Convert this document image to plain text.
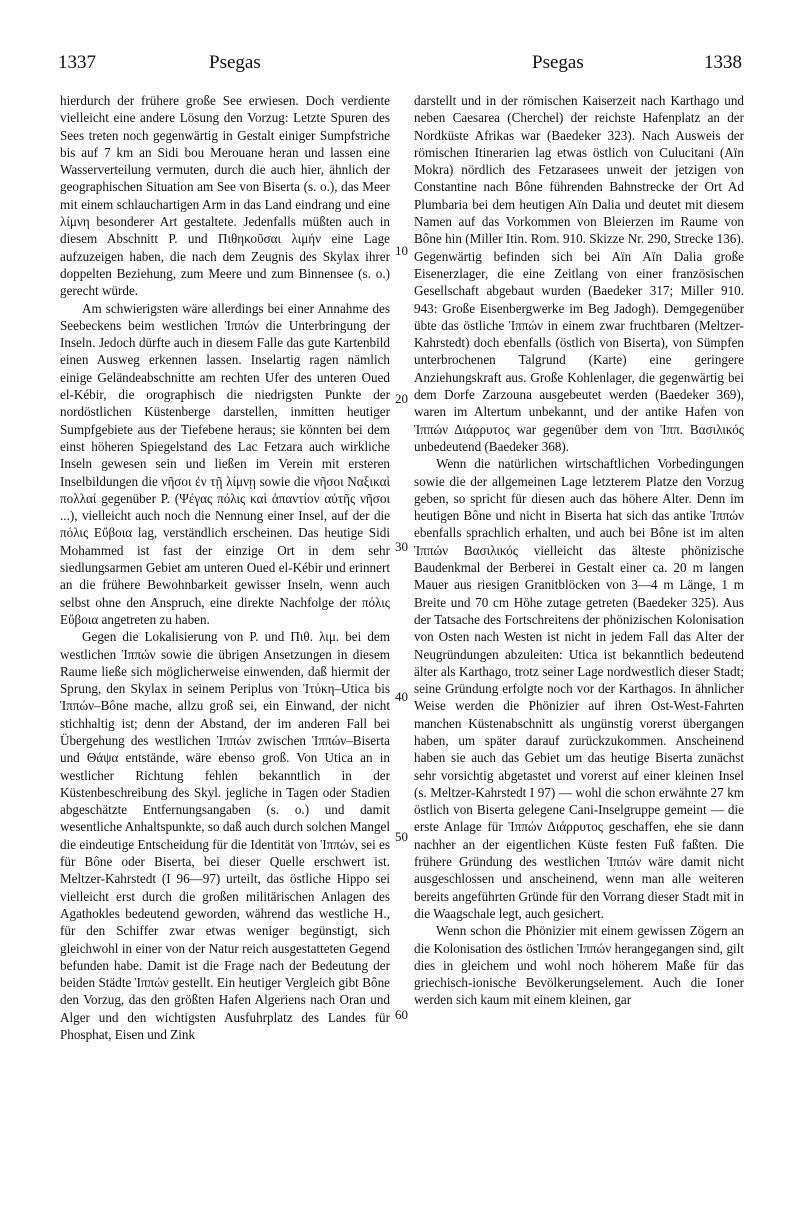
1337	Psegas	Psegas	1338

hierdurch der frühere große See erwiesen. Doch verdiente vielleicht eine andere Lösung den Vorzug: Letzte Spuren des Sees treten noch gegenwärtig in Gestalt einiger Sumpfstriche bis auf 7 km an Sidi bou Merouane heran und lassen eine Wasserverteilung vermuten, durch die auch hier, ähnlich der geographischen Situation am See von Biserta (s. o.), das Meer mit einem schlauchartigen Arm in das Land eindrang und eine λίμνη besonderer Art gestaltete. Jedenfalls müßten auch in diesem Abschnitt P. und Πιθηκοῦσαι λιμήν eine Lage aufzuzeigen haben, die nach dem Zeugnis des Skylax ihrer doppelten Beziehung, zum Meere und zum Binnensee (s. o.) gerecht würde.

Am schwierigsten wäre allerdings bei einer Annahme des Seebeckens beim westlichen Ἱππών die Unterbringung der Inseln. Jedoch dürfte auch in diesem Falle das gute Kartenbild einen Ausweg erkennen lassen. Inselartig ragen nämlich einige Geländeabschnitte am rechten Ufer des unteren Oued el-Kébir, die orographisch die niedrigsten Punkte der nordöstlichen Küstenberge darstellen, inmitten heutiger Sumpfgebiete aus der Tiefebene heraus; sie könnten bei dem einst höheren Spiegelstand des Lac Fetzara auch wirkliche Inseln gewesen sein und ließen im Verein mit ersteren Inselbildungen die νῆσοι ἐν τῇ λίμνῃ sowie die νῆσοι Ναξικαὶ πολλαί gegenüber P. (Ψέγας πόλις καὶ ἀπαντίον αὐτῆς νῆσοι ...), vielleicht auch noch die Nennung einer Insel, auf der die πόλις Εὔβοια lag, verständlich erscheinen. Das heutige Sidi Mohammed ist fast der einzige Ort in dem sehr siedlungsarmen Gebiet am unteren Oued el-Kébir und erinnert an die frühere Bewohnbarkeit gewisser Inseln, wenn auch selbst ohne den Anspruch, eine direkte Nachfolge der πόλις Εὔβοια angetreten zu haben.

Gegen die Lokalisierung von P. und Πιθ. λιμ. bei dem westlichen Ἱππών sowie die übrigen Ansetzungen in diesem Raume ließe sich möglicherweise einwenden, daß hiermit der Sprung, den Skylax in seinem Periplus von Ἰτύκη–Utica bis Ἱππών–Bône mache, allzu groß sei, ein Einwand, der nicht stichhaltig ist; denn der Abstand, der im anderen Fall bei Übergehung des westlichen Ἱππών zwischen Ἱππών–Biserta und Θάψα entstände, wäre ebenso groß. Von Utica an in westlicher Richtung fehlen bekanntlich in der Küstenbeschreibung des Skyl. jegliche in Tagen oder Stadien abgeschätzte Entfernungsangaben (s. o.) und damit wesentliche Anhaltspunkte, so daß auch durch solchen Mangel die eindeutige Entscheidung für die Identität von Ἱππών, sei es für Bône oder Biserta, bei dieser Quelle erschwert ist. Meltzer-Kahrstedt (I 96—97) urteilt, das östliche Hippo sei vielleicht erst durch die großen militärischen Anlagen des Agathokles bedeutend geworden, während das westliche H., für den Schiffer zwar etwas weniger begünstigt, sich gleichwohl in einer von der Natur reich ausgestatteten Gegend befunden habe. Damit ist die Frage nach der Bedeutung der beiden Städte Ἱππών gestellt. Ein heutiger Vergleich gibt Bône den Vorzug, das den größten Hafen Algeriens nach Oran und Alger und den wichtigsten Ausfuhrplatz des Landes für Phosphat, Eisen und Zink

10
20
30
40
50
60

darstellt und in der römischen Kaiserzeit nach Karthago und neben Caesarea (Cherchel) der reichste Hafenplatz an der Nordküste Afrikas war (Baedeker 323). Nach Ausweis der römischen Itinerarien lag etwas östlich von Culucitani (Aïn Mokra) nördlich des Fetzarasees unweit der jetzigen von Constantine nach Bône führenden Bahnstrecke der Ort Ad Plumbaria bei dem heutigen Aïn Dalia und deutet mit diesem Namen auf das Vorkommen von Bleierzen im Raume von Bône hin (Miller Itin. Rom. 910. Skizze Nr. 290, Strecke 136). Gegenwärtig befinden sich bei Aïn Aïn Dalia große Eisenerzlager, die eine Zeitlang von einer französischen Gesellschaft abgebaut wurden (Baedeker 317; Miller 910. 943: Große Eisenbergwerke im Beg Jadogh). Demgegenüber übte das östliche Ἱππών in einem zwar fruchtbaren (Meltzer-Kahrstedt) doch ebenfalls (östlich von Biserta), von Sümpfen unterbrochenen Talgrund (Karte) eine geringere Anziehungskraft aus. Große Kohlenlager, die gegenwärtig bei dem Dorfe Zarzouna ausgebeutet werden (Baedeker 369), waren im Altertum unbekannt, und der antike Hafen von Ἱππών Διάρρυτος war gegenüber dem von Ἱππ. Βασιλικός unbedeutend (Baedeker 368).

Wenn die natürlichen wirtschaftlichen Vorbedingungen sowie die der allgemeinen Lage letzterem Platze den Vorzug geben, so spricht für diesen auch das höhere Alter. Denn im heutigen Bône und nicht in Biserta hat sich das antike Ἱππών ebenfalls sprachlich erhalten, und auch bei Bône ist im alten Ἱππών Βασιλικός vielleicht das älteste phönizische Baudenkmal der Berberei in Gestalt einer ca. 20 m langen Mauer aus riesigen Granitblöcken von 3—4 m Länge, 1 m Breite und 70 cm Höhe zutage getreten (Baedeker 325). Aus der Tatsache des Fortschreitens der phönizischen Kolonisation von Osten nach Westen ist nicht in jedem Fall das Alter der Neugründungen abzuleiten: Utica ist bekanntlich bedeutend älter als Karthago, trotz seiner Lage nordwestlich dieser Stadt; seine Gründung erfolgte noch vor der Karthagos. In ähnlicher Weise werden die Phönizier auf ihren Ost-West-Fahrten manchen Küstenabschnitt als ungünstig vorerst übergangen haben, um später darauf zurückzukommen. Anscheinend haben sie auch das Gebiet um das heutige Biserta zunächst sehr vorsichtig abgetastet und vorerst auf einer kleinen Insel (s. Meltzer-Kahrstedt I 97) — wohl die schon erwähnte 27 km östlich von Biserta gelegene Cani-Inselgruppe gemeint — die erste Anlage für Ἱππών Διάρρυτος geschaffen, ehe sie dann nachher an der eigentlichen Küste festen Fuß faßten. Die frühere Gründung des westlichen Ἱππών wäre damit nicht ausgeschlossen und anscheinend, wenn man alle weiteren bereits angeführten Gründe für den Vorrang dieser Stadt mit in die Waagschale legt, auch gesichert.

Wenn schon die Phönizier mit einem gewissen Zögern an die Kolonisation des östlichen Ἱππών herangegangen sind, gilt dies in gleichem und wohl noch höherem Maße für das griechisch-ionische Bevölkerungselement. Auch die Ioner werden sich kaum mit einem kleinen, gar
